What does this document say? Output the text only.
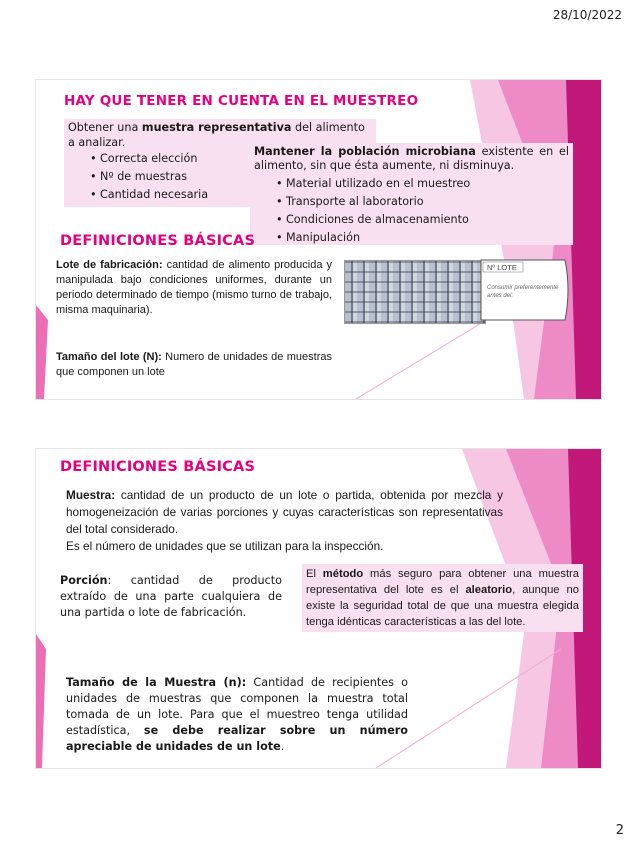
28/10/2022
HAY QUE TENER EN CUENTA EN EL MUESTREO
Obtener una muestra representativa del alimento a analizar.
• Correcta elección
• Nº de muestras
• Cantidad necesaria
Mantener la población microbiana existente en el alimento, sin que ésta aumente, ni disminuya.
• Material utilizado en el muestreo
• Transporte al laboratorio
• Condiciones de almacenamiento
• Manipulación
DEFINICIONES BÁSICAS
Lote de fabricación: cantidad de alimento producida y manipulada bajo condiciones uniformes, durante un periodo determinado de tiempo (mismo turno de trabajo, misma maquinaria).
Tamaño del lote (N): Numero de unidades de muestras que componen un lote
Nº LOTE
Consumir preferentemente antes del:
DEFINICIONES BÁSICAS
Muestra: cantidad de un producto de un lote o partida, obtenida por mezcla y homogeneización de varias porciones y cuyas características son representativas del total considerado.
Es el número de unidades que se utilizan para la inspección.
Porción: cantidad de producto extraído de una parte cualquiera de una partida o lote de fabricación.
El método más seguro para obtener una muestra representativa del lote es el aleatorio, aunque no existe la seguridad total de que una muestra elegida tenga idénticas características a las del lote.
Tamaño de la Muestra (n): Cantidad de recipientes o unidades de muestras que componen la muestra total tomada de un lote. Para que el muestreo tenga utilidad estadística, se debe realizar sobre un número apreciable de unidades de un lote.
2
